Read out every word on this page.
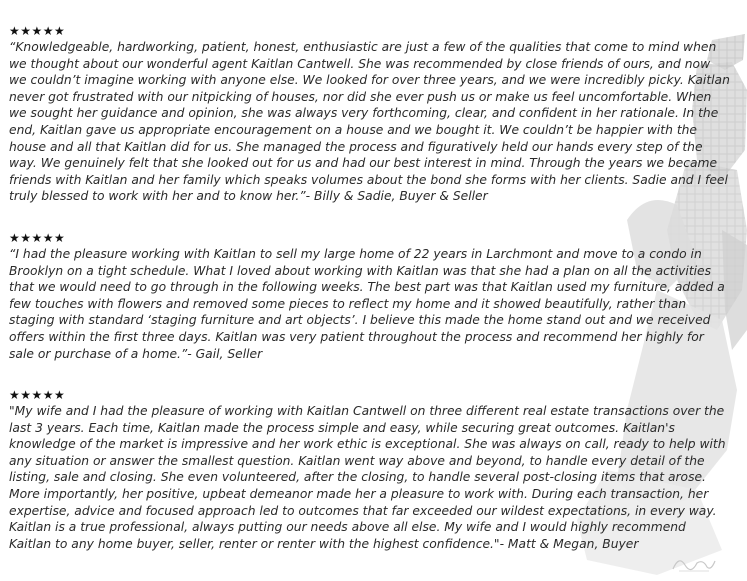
★★★★★

“Knowledgeable, hardworking, patient, honest, enthusiastic are just a few of the qualities that come to mind when we thought about our wonderful agent Kaitlan Cantwell. She was recommended by close friends of ours, and now we couldn’t imagine working with anyone else. We looked for over three years, and we were incredibly picky. Kaitlan never got frustrated with our nitpicking of houses, nor did she ever push us or make us feel uncomfortable. When we sought her guidance and opinion, she was always very forthcoming, clear, and confident in her rationale. In the end, Kaitlan gave us appropriate encouragement on a house and we bought it. We couldn’t be happier with the house and all that Kaitlan did for us. She managed the process and figuratively held our hands every step of the way. We genuinely felt that she looked out for us and had our best interest in mind. Through the years we became friends with Kaitlan and her family which speaks volumes about the bond she forms with her clients. Sadie and I feel truly blessed to work with her and to know her.”- Billy & Sadie, Buyer & Seller

★★★★★

“I had the pleasure working with Kaitlan to sell my large home of 22 years in Larchmont and move to a condo in Brooklyn on a tight schedule. What I loved about working with Kaitlan was that she had a plan on all the activities that we would need to go through in the following weeks. The best part was that Kaitlan used my furniture, added a few touches with flowers and removed some pieces to reflect my home and it showed beautifully, rather than staging with standard ‘staging furniture and art objects’. I believe this made the home stand out and we received offers within the first three days. Kaitlan was very patient throughout the process and recommend her highly for sale or purchase of a home.”- Gail, Seller

★★★★★

"My wife and I had the pleasure of working with Kaitlan Cantwell on three different real estate transactions over the last 3 years. Each time, Kaitlan made the process simple and easy, while securing great outcomes. Kaitlan's knowledge of the market is impressive and her work ethic is exceptional. She was always on call, ready to help with any situation or answer the smallest question. Kaitlan went way above and beyond, to handle every detail of the listing, sale and closing. She even volunteered, after the closing, to handle several post-closing items that arose. More importantly, her positive, upbeat demeanor made her a pleasure to work with. During each transaction, her expertise, advice and focused approach led to outcomes that far exceeded our wildest expectations, in every way. Kaitlan is a true professional, always putting our needs above all else. My wife and I would highly recommend Kaitlan to any home buyer, seller, renter or renter with the highest confidence."- Matt & Megan, Buyer
